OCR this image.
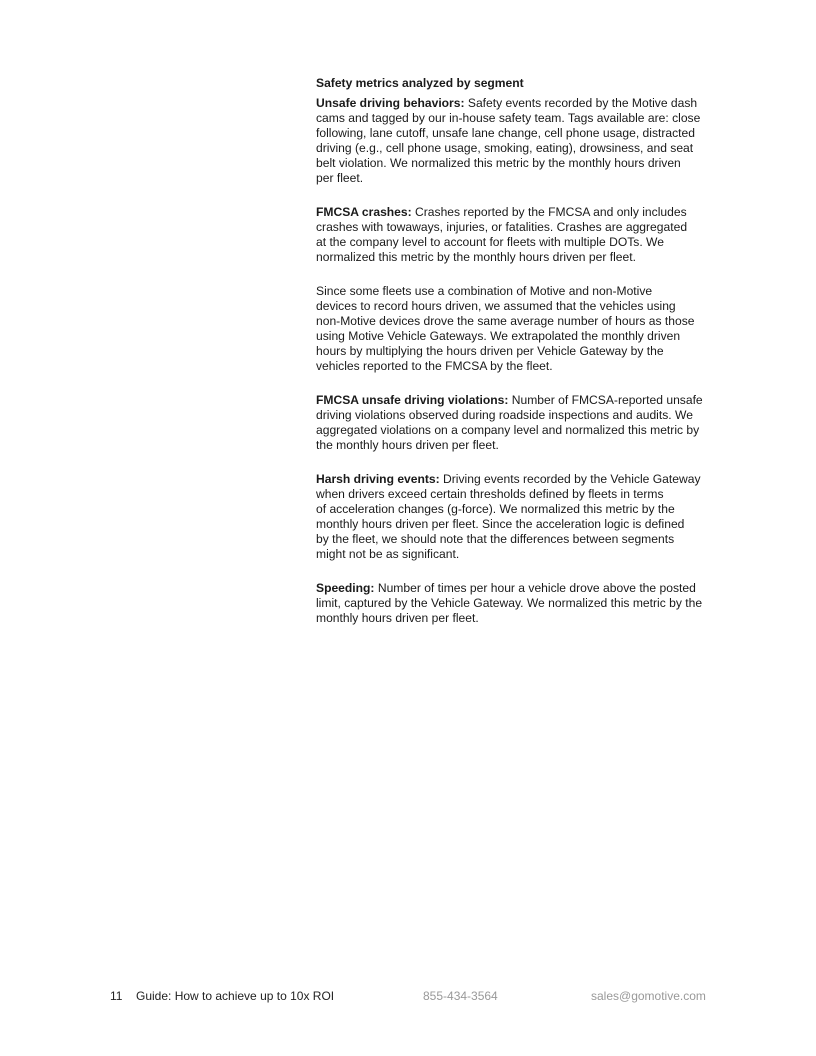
Safety metrics analyzed by segment
Unsafe driving behaviors: Safety events recorded by the Motive dash
cams and tagged by our in-house safety team. Tags available are: close
following, lane cutoff, unsafe lane change, cell phone usage, distracted
driving (e.g., cell phone usage, smoking, eating), drowsiness, and seat
belt violation. We normalized this metric by the monthly hours driven
per fleet.
FMCSA crashes: Crashes reported by the FMCSA and only includes
crashes with towaways, injuries, or fatalities. Crashes are aggregated
at the company level to account for fleets with multiple DOTs. We
normalized this metric by the monthly hours driven per fleet.
Since some fleets use a combination of Motive and non-Motive
devices to record hours driven, we assumed that the vehicles using
non-Motive devices drove the same average number of hours as those
using Motive Vehicle Gateways. We extrapolated the monthly driven
hours by multiplying the hours driven per Vehicle Gateway by the
vehicles reported to the FMCSA by the fleet.
FMCSA unsafe driving violations: Number of FMCSA-reported unsafe
driving violations observed during roadside inspections and audits. We
aggregated violations on a company level and normalized this metric by
the monthly hours driven per fleet.
Harsh driving events: Driving events recorded by the Vehicle Gateway
when drivers exceed certain thresholds defined by fleets in terms
of acceleration changes (g-force). We normalized this metric by the
monthly hours driven per fleet. Since the acceleration logic is defined
by the fleet, we should note that the differences between segments
might not be as significant.
Speeding: Number of times per hour a vehicle drove above the posted
limit, captured by the Vehicle Gateway. We normalized this metric by the
monthly hours driven per fleet.
11 Guide: How to achieve up to 10x ROI	855-434-3564	sales@gomotive.com
